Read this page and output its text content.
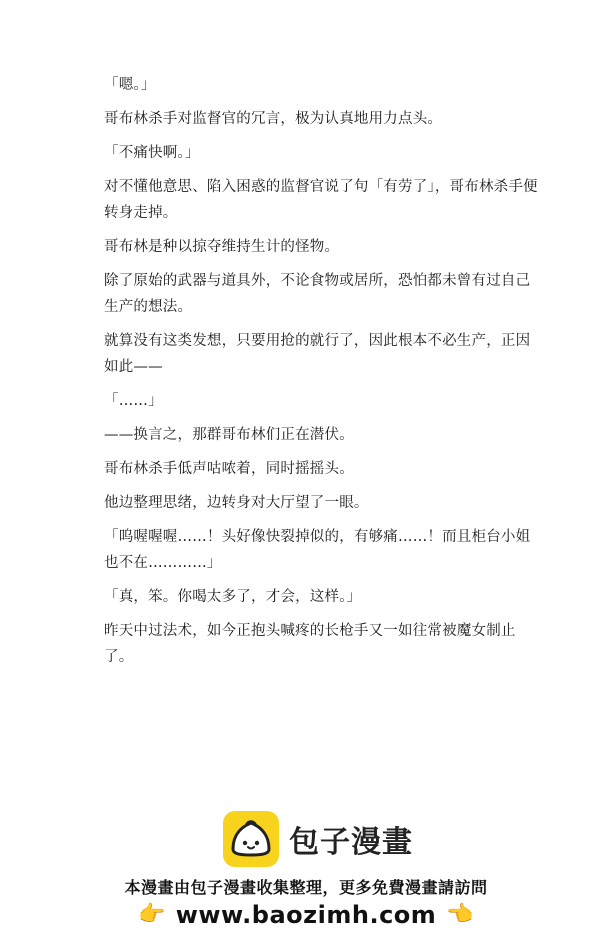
「嗯。」

哥布林杀手对监督官的冗言，极为认真地用力点头。

「不痛快啊。」

对不懂他意思、陷入困惑的监督官说了句「有劳了」，哥布林杀手便转身走掉。

哥布林是种以掠夺维持生计的怪物。

除了原始的武器与道具外，不论食物或居所，恐怕都未曾有过自己生产的想法。

就算没有这类发想，只要用抢的就行了，因此根本不必生产，正因如此——

「……」

——换言之，那群哥布林们正在潜伏。

哥布林杀手低声咕哝着，同时摇摇头。

他边整理思绪，边转身对大厅望了一眼。

「呜喔喔喔……！头好像快裂掉似的，有够痛……！而且柜台小姐也不在…………」

「真，笨。你喝太多了，才会，这样。」

昨天中过法术，如今正抱头喊疼的长枪手又一如往常被魔女制止了。

包子漫畫
本漫畫由包子漫畫收集整理，更多免費漫畫請訪問
👉 www.baozimh.com 👈
